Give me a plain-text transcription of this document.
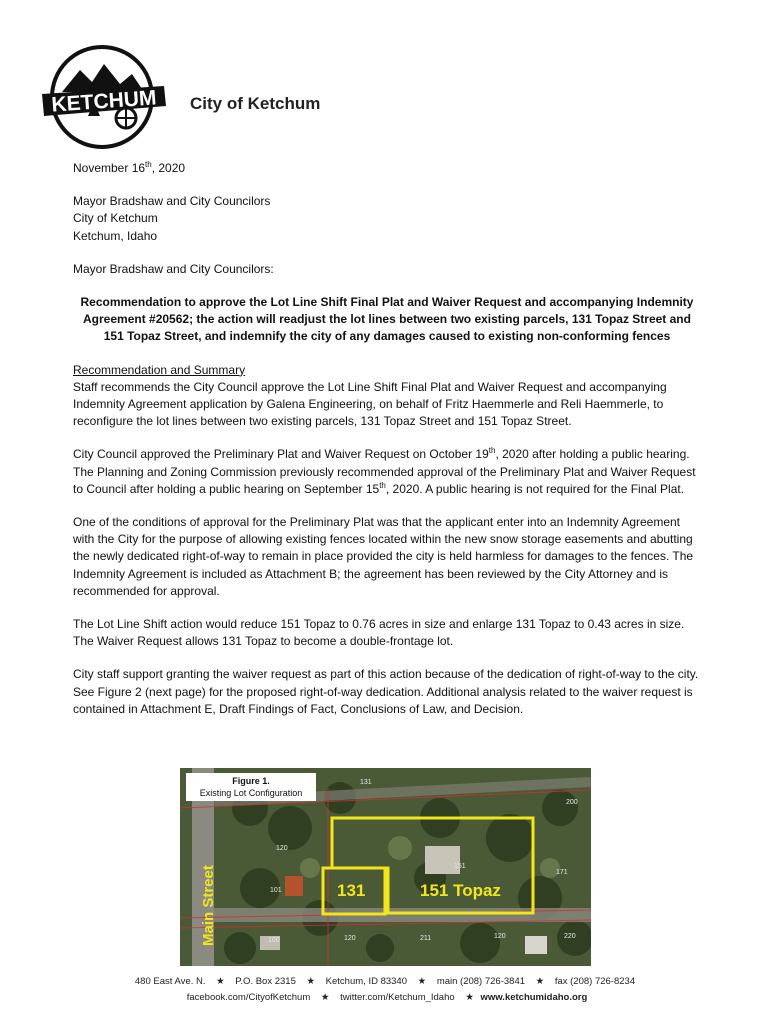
KETCHUM City of Ketchum

November 16th, 2020

Mayor Bradshaw and City Councilors

City of Ketchum

Ketchum, Idaho

Mayor Bradshaw and City Councilors:

Recommendation to approve the Lot Line Shift Final Plat and Waiver Request and accompanying Indemnity Agreement #20562; the action will readjust the lot lines between two existing parcels, 131 Topaz Street and 151 Topaz Street, and indemnify the city of any damages caused to existing non-conforming fences

Recommendation and Summary

Staff recommends the City Council approve the Lot Line Shift Final Plat and Waiver Request and accompanying Indemnity Agreement application by Galena Engineering, on behalf of Fritz Haemmerle and Reli Haemmerle, to reconfigure the lot lines between two existing parcels, 131 Topaz Street and 151 Topaz Street.

City Council approved the Preliminary Plat and Waiver Request on October 19th, 2020 after holding a public hearing. The Planning and Zoning Commission previously recommended approval of the Preliminary Plat and Waiver Request to Council after holding a public hearing on September 15th, 2020. A public hearing is not required for the Final Plat.

One of the conditions of approval for the Preliminary Plat was that the applicant enter into an Indemnity Agreement with the City for the purpose of allowing existing fences located within the new snow storage easements and abutting the newly dedicated right-of-way to remain in place provided the city is held harmless for damages to the fences. The Indemnity Agreement is included as Attachment B; the agreement has been reviewed by the City Attorney and is recommended for approval.

The Lot Line Shift action would reduce 151 Topaz to 0.76 acres in size and enlarge 131 Topaz to 0.43 acres in size. The Waiver Request allows 131 Topaz to become a double-frontage lot.

City staff support granting the waiver request as part of this action because of the dedication of right-of-way to the city. See Figure 2 (next page) for the proposed right-of-way dedication. Additional analysis related to the waiver request is contained in Attachment E, Draft Findings of Fact, Conclusions of Law, and Decision.

131
101
120
151
171
200
100	120	120	220
211
Main Street	131	151 Topaz
Figure 1.
Existing Lot Configuration
480 East Ave. N. ★ P.O. Box 2315 ★ Ketchum, ID 83340 ★ main (208) 726-3841 ★ fax (208) 726-8234
facebook.com/CityofKetchum ★ twitter.com/Ketchum_Idaho ★ www.ketchumidaho.org
